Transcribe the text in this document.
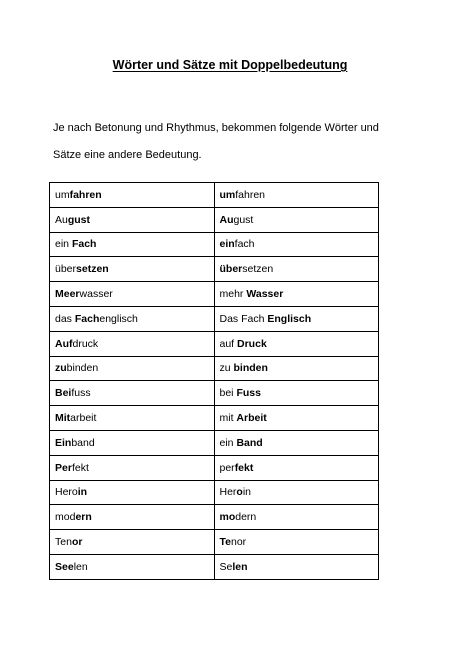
Wörter und Sätze mit Doppelbedeutung
Je nach Betonung und Rhythmus, bekommen folgende Wörter und
Sätze eine andere Bedeutung.
umfahren	umfahren
August	August
ein Fach	einfach
übersetzen	übersetzen
Meerwasser	mehr Wasser
das Fachenglisch	Das Fach Englisch
Aufdruck	auf Druck
zubinden	zu binden
Beifuss	bei Fuss
Mitarbeit	mit Arbeit
Einband	ein Band
Perfekt	perfekt
Heroin	Heroin
modern	modern
Tenor	Tenor
Seelen	Selen
